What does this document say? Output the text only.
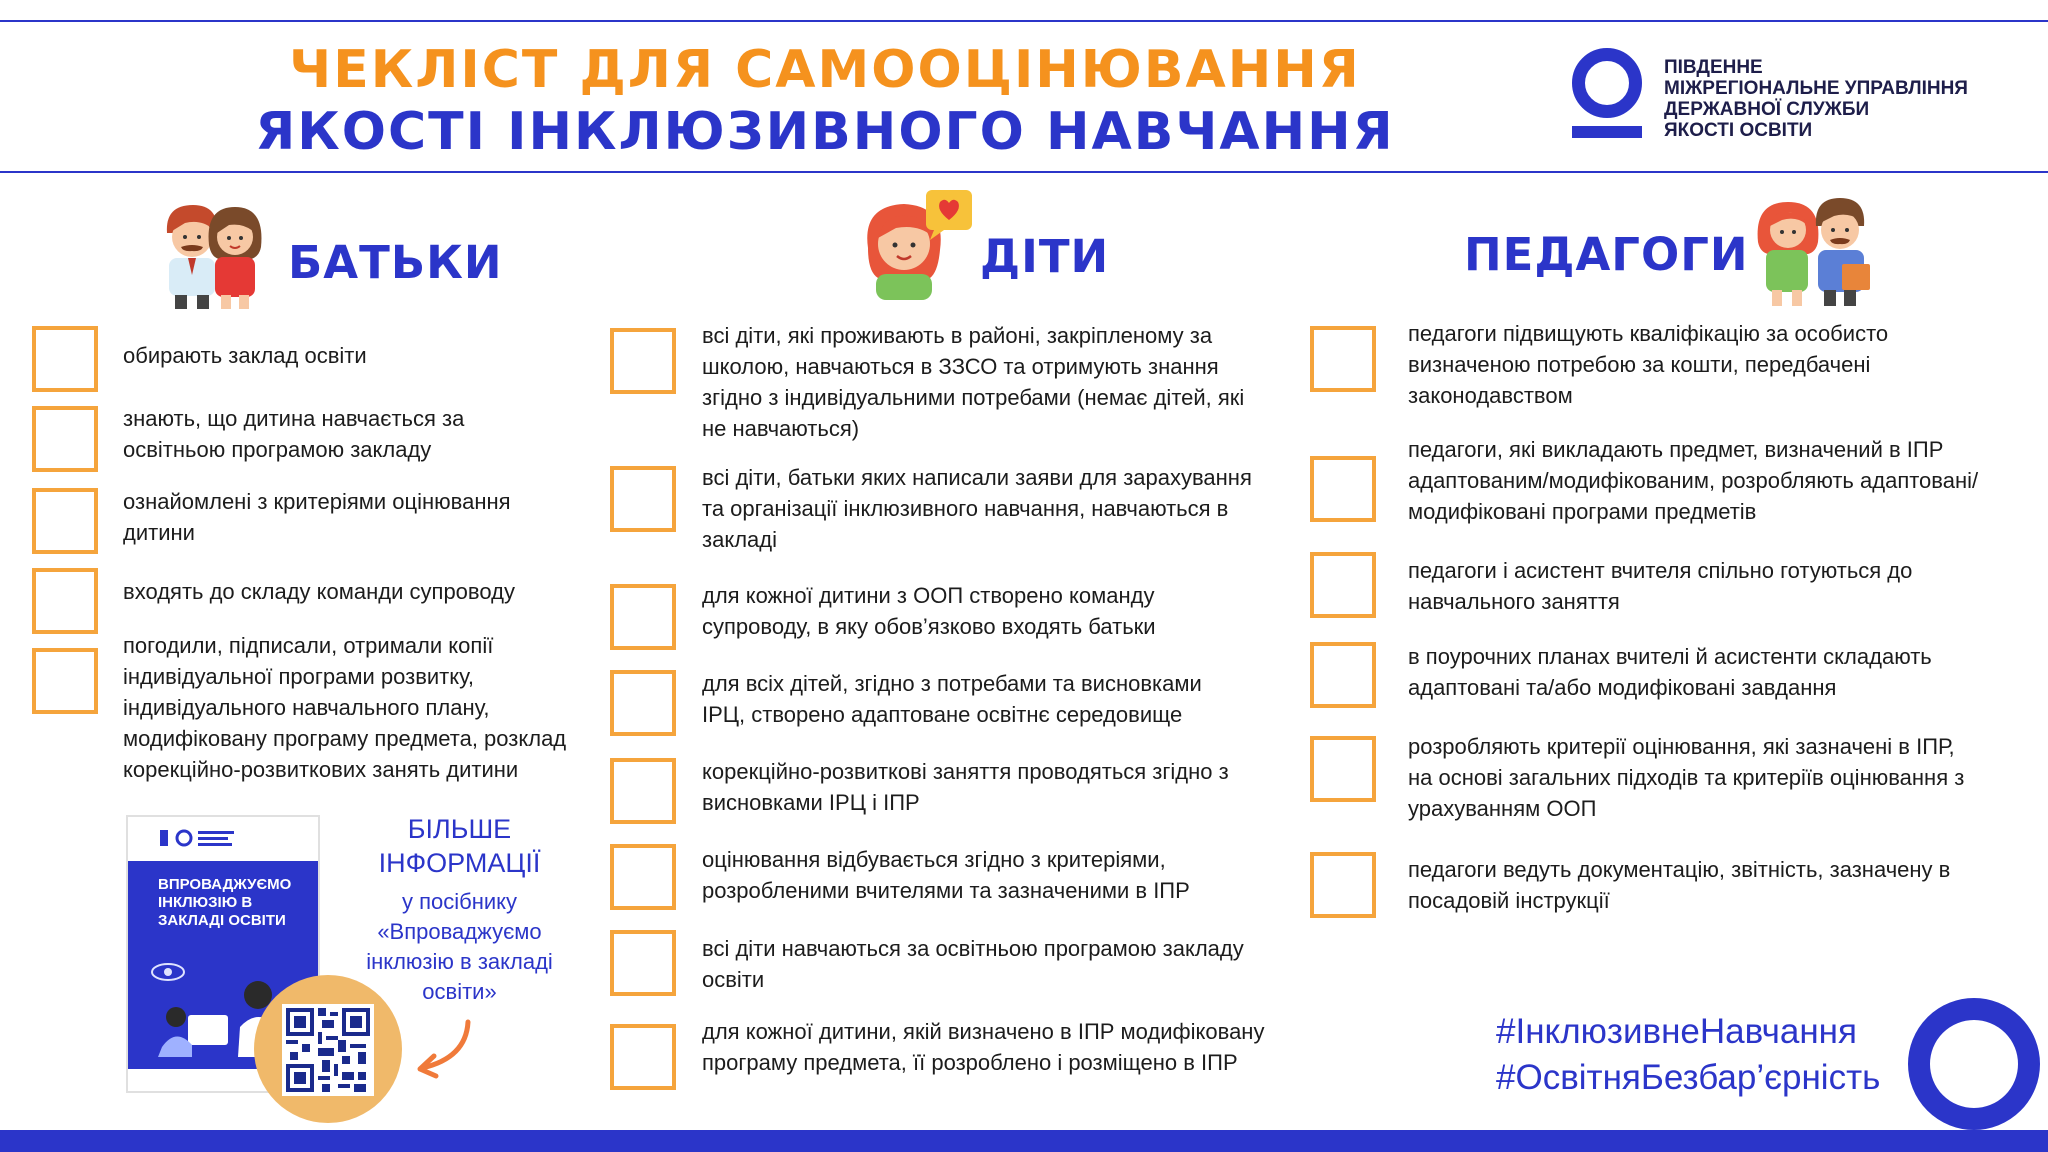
ЧЕКЛІСТ ДЛЯ САМООЦІНЮВАННЯ
ЯКОСТІ ІНКЛЮЗИВНОГО НАВЧАННЯ
ПІВДЕННЕ
МІЖРЕГІОНАЛЬНЕ УПРАВЛІННЯ
ДЕРЖАВНОЇ СЛУЖБИ
ЯКОСТІ ОСВІТИ
БАТЬКИ
обирають заклад освіти
знають, що дитина навчається за освітньою програмою закладу
ознайомлені з критеріями оцінювання дитини
входять до складу команди супроводу
погодили, підписали, отримали копії індивідуальної програми розвитку, індивідуального навчального плану, модифіковану програму предмета, розклад корекційно-розвиткових занять дитини
ВПРОВАДЖУЄМО ІНКЛЮЗІЮ В ЗАКЛАДІ ОСВІТИ
БІЛЬШЕ ІНФОРМАЦІЇ
у посібнику «Впроваджуємо інклюзію в закладі освіти»
ДІТИ
всі діти, які проживають в районі, закріпленому за школою, навчаються в ЗЗСО та отримують знання згідно з індивідуальними потребами (немає дітей, які не навчаються)
всі діти, батьки яких написали заяви для зарахування та організації інклюзивного навчання, навчаються в закладі
для кожної дитини з ООП створено команду супроводу, в яку обов’язково входять батьки
для всіх дітей, згідно з потребами та висновками ІРЦ, створено адаптоване освітнє середовище
корекційно-розвиткові заняття проводяться згідно з висновками ІРЦ і ІПР
оцінювання відбувається згідно з критеріями, розробленими вчителями та зазначеними в ІПР
всі діти навчаються за освітньою програмою закладу освіти
для кожної дитини, якій визначено в ІПР модифіковану програму предмета, її розроблено і розміщено в ІПР
ПЕДАГОГИ
педагоги підвищують кваліфікацію за особисто визначеною потребою за кошти, передбачені законодавством
педагоги, які викладають предмет, визначений в ІПР адаптованим/модифікованим, розробляють адаптовані/модифіковані програми предметів
педагоги і асистент вчителя спільно готуються до навчального заняття
в поурочних планах вчителі й асистенти складають адаптовані та/або модифіковані завдання
розробляють критерії оцінювання, які зазначені в ІПР, на основі загальних підходів та критеріїв оцінювання з урахуванням ООП
педагоги ведуть документацію, звітність, зазначену в посадовій інструкції
#ІнклюзивнеНавчання
#ОсвітняБезбар’єрність
